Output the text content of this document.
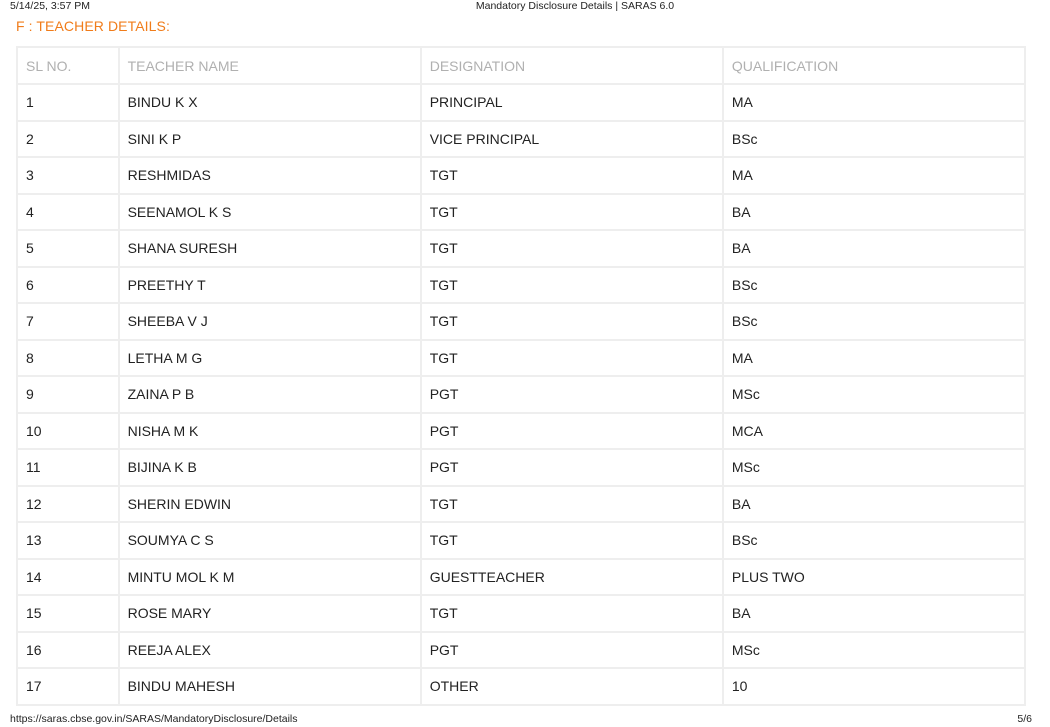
5/14/25, 3:57 PM	Mandatory Disclosure Details | SARAS 6.0
F : TEACHER DETAILS:
SL NO.	TEACHER NAME	DESIGNATION	QUALIFICATION
1	BINDU K X	PRINCIPAL	MA
2	SINI K P	VICE PRINCIPAL	BSc
3	RESHMIDAS	TGT	MA
4	SEENAMOL K S	TGT	BA
5	SHANA SURESH	TGT	BA
6	PREETHY T	TGT	BSc
7	SHEEBA V J	TGT	BSc
8	LETHA M G	TGT	MA
9	ZAINA P B	PGT	MSc
10	NISHA M K	PGT	MCA
11	BIJINA K B	PGT	MSc
12	SHERIN EDWIN	TGT	BA
13	SOUMYA C S	TGT	BSc
14	MINTU MOL K M	GUESTTEACHER	PLUS TWO
15	ROSE MARY	TGT	BA
16	REEJA ALEX	PGT	MSc
17	BINDU MAHESH	OTHER	10
https://saras.cbse.gov.in/SARAS/MandatoryDisclosure/Details	5/6
